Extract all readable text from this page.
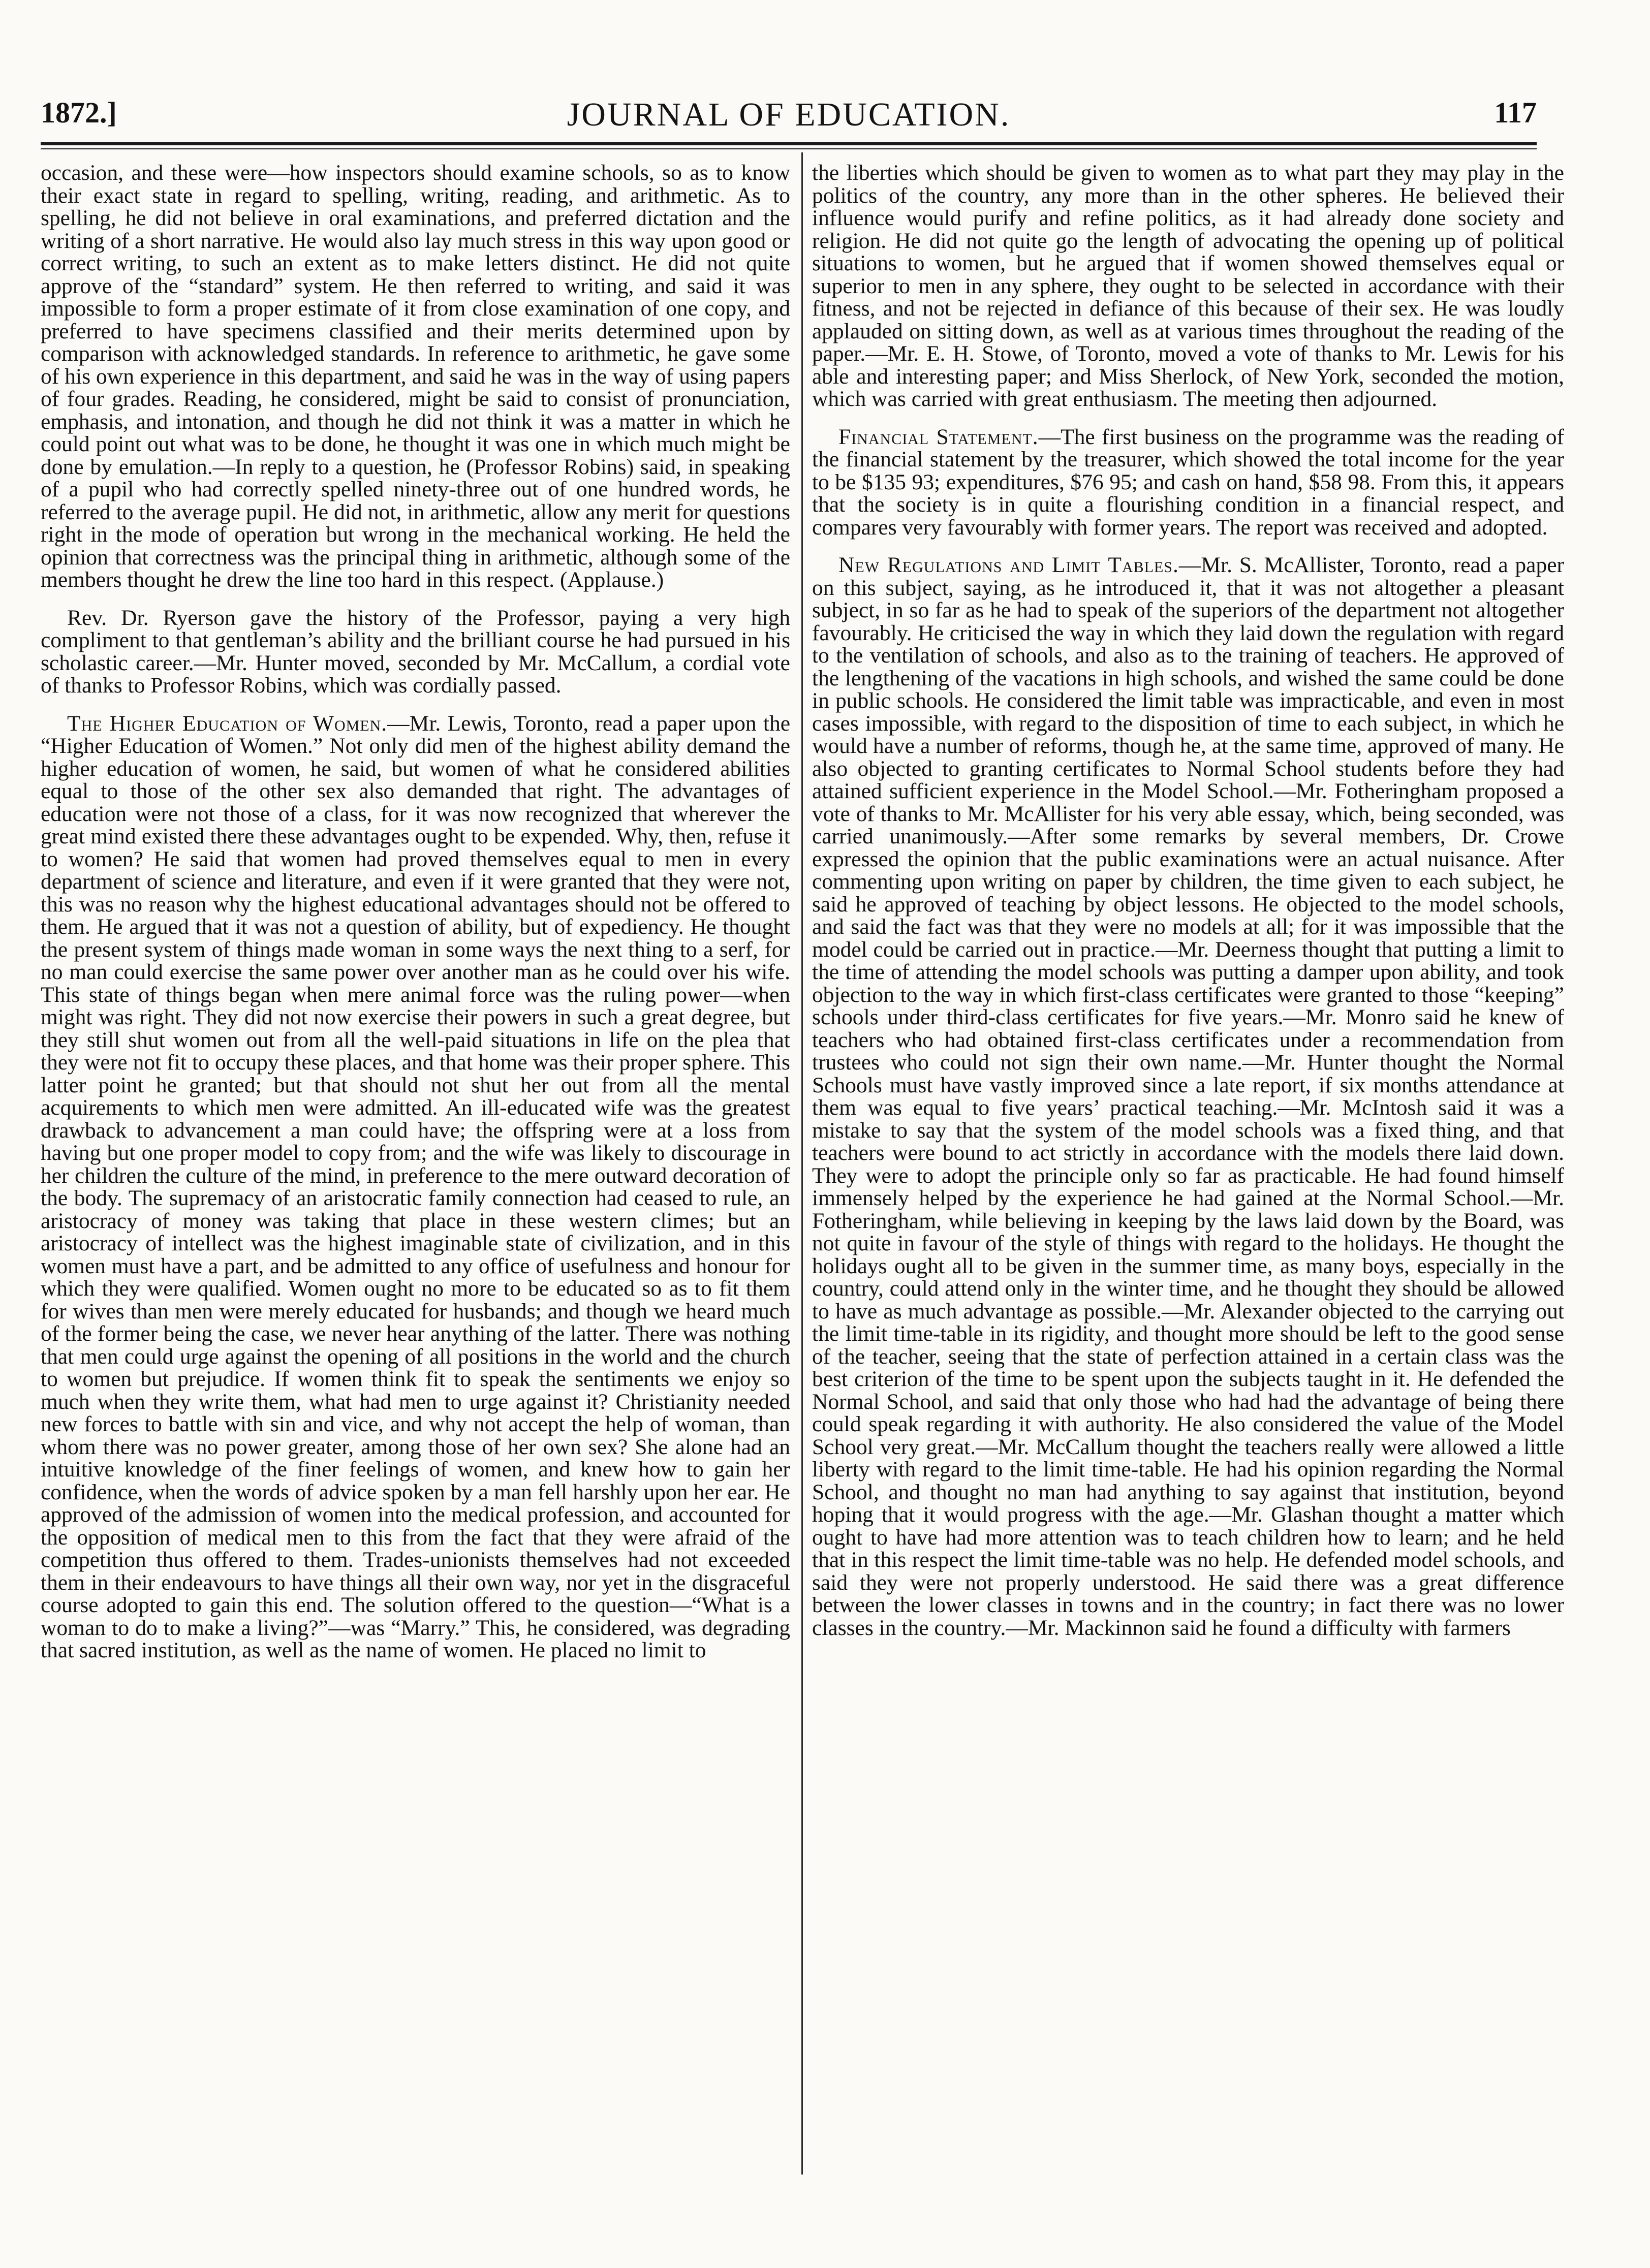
1872.]	JOURNAL OF EDUCATION.	117

occasion, and these were—how inspectors should examine schools, so as to know their exact state in regard to spelling, writing, reading, and arithmetic. As to spelling, he did not believe in oral examinations, and preferred dictation and the writing of a short narrative. He would also lay much stress in this way upon good or correct writing, to such an extent as to make letters distinct. He did not quite approve of the “standard” system. He then referred to writing, and said it was impossible to form a proper estimate of it from close examination of one copy, and preferred to have specimens classified and their merits determined upon by comparison with acknowledged standards. In reference to arithmetic, he gave some of his own experience in this department, and said he was in the way of using papers of four grades. Reading, he considered, might be said to consist of pronunciation, emphasis, and intonation, and though he did not think it was a matter in which he could point out what was to be done, he thought it was one in which much might be done by emulation.—In reply to a question, he (Professor Robins) said, in speaking of a pupil who had correctly spelled ninety-three out of one hundred words, he referred to the average pupil. He did not, in arithmetic, allow any merit for questions right in the mode of operation but wrong in the mechanical working. He held the opinion that correctness was the principal thing in arithmetic, although some of the members thought he drew the line too hard in this respect. (Applause.)

Rev. Dr. Ryerson gave the history of the Professor, paying a very high compliment to that gentleman’s ability and the brilliant course he had pursued in his scholastic career.—Mr. Hunter moved, seconded by Mr. McCallum, a cordial vote of thanks to Professor Robins, which was cordially passed.

The Higher Education of Women.—Mr. Lewis, Toronto, read a paper upon the “Higher Education of Women.” Not only did men of the highest ability demand the higher education of women, he said, but women of what he considered abilities equal to those of the other sex also demanded that right. The advantages of education were not those of a class, for it was now recognized that wherever the great mind existed there these advantages ought to be expended. Why, then, refuse it to women? He said that women had proved themselves equal to men in every department of science and literature, and even if it were granted that they were not, this was no reason why the highest educational advantages should not be offered to them. He argued that it was not a question of ability, but of expediency. He thought the present system of things made woman in some ways the next thing to a serf, for no man could exercise the same power over another man as he could over his wife. This state of things began when mere animal force was the ruling power—when might was right. They did not now exercise their powers in such a great degree, but they still shut women out from all the well-paid situations in life on the plea that they were not fit to occupy these places, and that home was their proper sphere. This latter point he granted; but that should not shut her out from all the mental acquirements to which men were admitted. An ill-educated wife was the greatest drawback to advancement a man could have; the offspring were at a loss from having but one proper model to copy from; and the wife was likely to discourage in her children the culture of the mind, in preference to the mere outward decoration of the body. The supremacy of an aristocratic family connection had ceased to rule, an aristocracy of money was taking that place in these western climes; but an aristocracy of intellect was the highest imaginable state of civilization, and in this women must have a part, and be admitted to any office of usefulness and honour for which they were qualified. Women ought no more to be educated so as to fit them for wives than men were merely educated for husbands; and though we heard much of the former being the case, we never hear anything of the latter. There was nothing that men could urge against the opening of all positions in the world and the church to women but prejudice. If women think fit to speak the sentiments we enjoy so much when they write them, what had men to urge against it? Christianity needed new forces to battle with sin and vice, and why not accept the help of woman, than whom there was no power greater, among those of her own sex? She alone had an intuitive knowledge of the finer feelings of women, and knew how to gain her confidence, when the words of advice spoken by a man fell harshly upon her ear. He approved of the admission of women into the medical profession, and accounted for the opposition of medical men to this from the fact that they were afraid of the competition thus offered to them. Trades-unionists themselves had not exceeded them in their endeavours to have things all their own way, nor yet in the disgraceful course adopted to gain this end. The solution offered to the question—“What is a woman to do to make a living?”—was “Marry.” This, he considered, was degrading that sacred institution, as well as the name of women. He placed no limit to

the liberties which should be given to women as to what part they may play in the politics of the country, any more than in the other spheres. He believed their influence would purify and refine politics, as it had already done society and religion. He did not quite go the length of advocating the opening up of political situations to women, but he argued that if women showed themselves equal or superior to men in any sphere, they ought to be selected in accordance with their fitness, and not be rejected in defiance of this because of their sex. He was loudly applauded on sitting down, as well as at various times throughout the reading of the paper.—Mr. E. H. Stowe, of Toronto, moved a vote of thanks to Mr. Lewis for his able and interesting paper; and Miss Sherlock, of New York, seconded the motion, which was carried with great enthusiasm. The meeting then adjourned.

Financial Statement.—The first business on the programme was the reading of the financial statement by the treasurer, which showed the total income for the year to be $135 93; expenditures, $76 95; and cash on hand, $58 98. From this, it appears that the society is in quite a flourishing condition in a financial respect, and compares very favourably with former years. The report was received and adopted.

New Regulations and Limit Tables.—Mr. S. McAllister, Toronto, read a paper on this subject, saying, as he introduced it, that it was not altogether a pleasant subject, in so far as he had to speak of the superiors of the department not altogether favourably. He criticised the way in which they laid down the regulation with regard to the ventilation of schools, and also as to the training of teachers. He approved of the lengthening of the vacations in high schools, and wished the same could be done in public schools. He considered the limit table was impracticable, and even in most cases impossible, with regard to the disposition of time to each subject, in which he would have a number of reforms, though he, at the same time, approved of many. He also objected to granting certificates to Normal School students before they had attained sufficient experience in the Model School.—Mr. Fotheringham proposed a vote of thanks to Mr. McAllister for his very able essay, which, being seconded, was carried unanimously.—After some remarks by several members, Dr. Crowe expressed the opinion that the public examinations were an actual nuisance. After commenting upon writing on paper by children, the time given to each subject, he said he approved of teaching by object lessons. He objected to the model schools, and said the fact was that they were no models at all; for it was impossible that the model could be carried out in practice.—Mr. Deerness thought that putting a limit to the time of attending the model schools was putting a damper upon ability, and took objection to the way in which first-class certificates were granted to those “keeping” schools under third-class certificates for five years.—Mr. Monro said he knew of teachers who had obtained first-class certificates under a recommendation from trustees who could not sign their own name.—Mr. Hunter thought the Normal Schools must have vastly improved since a late report, if six months attendance at them was equal to five years’ practical teaching.—Mr. McIntosh said it was a mistake to say that the system of the model schools was a fixed thing, and that teachers were bound to act strictly in accordance with the models there laid down. They were to adopt the principle only so far as practicable. He had found himself immensely helped by the experience he had gained at the Normal School.—Mr. Fotheringham, while believing in keeping by the laws laid down by the Board, was not quite in favour of the style of things with regard to the holidays. He thought the holidays ought all to be given in the summer time, as many boys, especially in the country, could attend only in the winter time, and he thought they should be allowed to have as much advantage as possible.—Mr. Alexander objected to the carrying out the limit time-table in its rigidity, and thought more should be left to the good sense of the teacher, seeing that the state of perfection attained in a certain class was the best criterion of the time to be spent upon the subjects taught in it. He defended the Normal School, and said that only those who had had the advantage of being there could speak regarding it with authority. He also considered the value of the Model School very great.—Mr. McCallum thought the teachers really were allowed a little liberty with regard to the limit time-table. He had his opinion regarding the Normal School, and thought no man had anything to say against that institution, beyond hoping that it would progress with the age.—Mr. Glashan thought a matter which ought to have had more attention was to teach children how to learn; and he held that in this respect the limit time-table was no help. He defended model schools, and said they were not properly understood. He said there was a great difference between the lower classes in towns and in the country; in fact there was no lower classes in the country.—Mr. Mackinnon said he found a difficulty with farmers
